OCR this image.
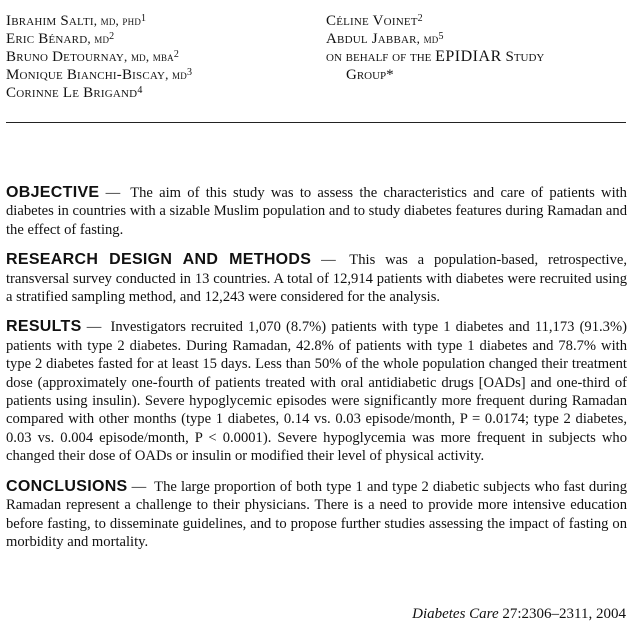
Ibrahim Salti, md, phd$^1$
Eric Bénard, $md^2$
Bruno Detournay, md, mba$^2$
Monique Bianchi-Biscay, $md^3$
Corinne Le Brigand$^4$
Céline Voinet$^2$
Abdul Jabbar, $md^5$
on behalf of the EPIDIAR Study
Group*

OBJECTIVE — The aim of this study was to assess the characteristics and care of patients with diabetes in countries with a sizable Muslim population and to study diabetes features during Ramadan and the effect of fasting.

RESEARCH DESIGN AND METHODS — This was a population-based, retrospective, transversal survey conducted in 13 countries. A total of 12,914 patients with diabetes were recruited using a stratified sampling method, and 12,243 were considered for the analysis.

RESULTS — Investigators recruited 1,070 (8.7%) patients with type 1 diabetes and 11,173 (91.3%) patients with type 2 diabetes. During Ramadan, 42.8% of patients with type 1 diabetes and 78.7% with type 2 diabetes fasted for at least 15 days. Less than 50% of the whole population changed their treatment dose (approximately one-fourth of patients treated with oral antidiabetic drugs [OADs] and one-third of patients using insulin). Severe hypoglycemic episodes were significantly more frequent during Ramadan compared with other months (type 1 diabetes, 0.14 vs. 0.03 episode/month, P = 0.0174; type 2 diabetes, 0.03 vs. 0.004 episode/month, P < 0.0001). Severe hypoglycemia was more frequent in subjects who changed their dose of OADs or insulin or modified their level of physical activity.

CONCLUSIONS — The large proportion of both type 1 and type 2 diabetic subjects who fast during Ramadan represent a challenge to their physicians. There is a need to provide more intensive education before fasting, to disseminate guidelines, and to propose further studies assessing the impact of fasting on morbidity and mortality.

Diabetes Care 27:2306–2311, 2004
